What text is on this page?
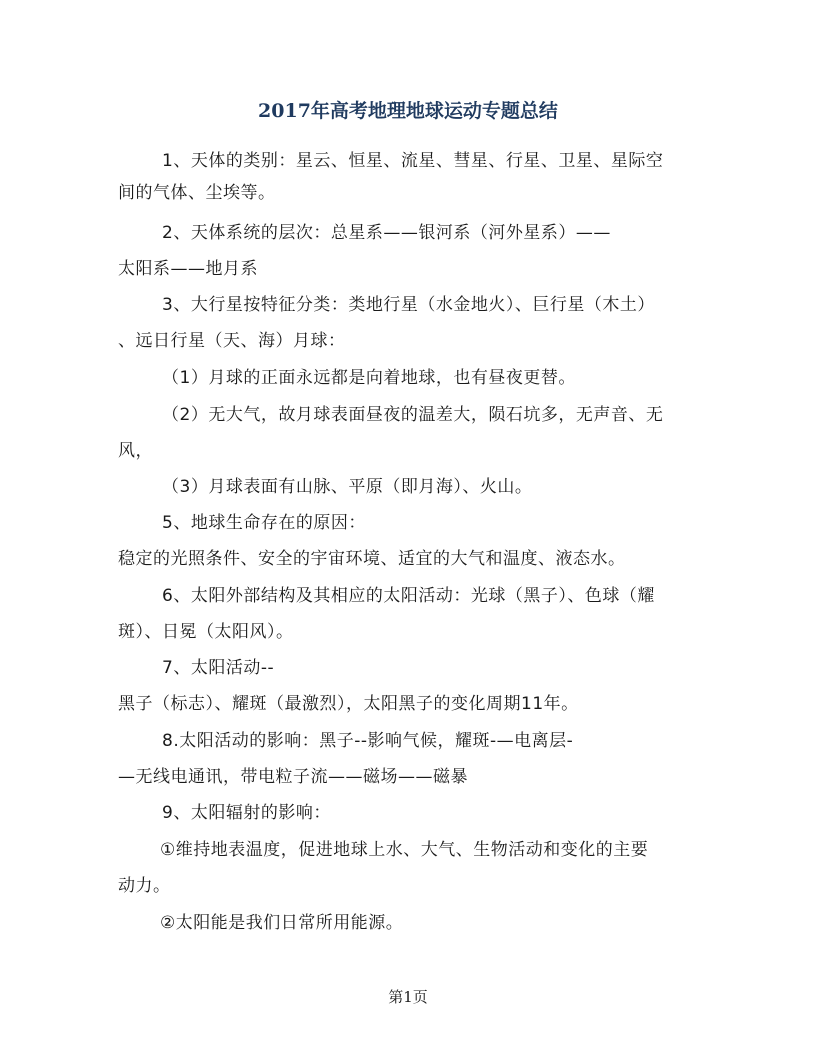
2017年高考地理地球运动专题总结
1、天体的类别：星云、恒星、流星、彗星、行星、卫星、星际空
间的气体、尘埃等。
2、天体系统的层次：总星系——银河系（河外星系）——
太阳系——地月系
3、大行星按特征分类：类地行星（水金地火）、巨行星（木土）
、远日行星（天、海）月球：
（1）月球的正面永远都是向着地球，也有昼夜更替。
（2）无大气，故月球表面昼夜的温差大，陨石坑多，无声音、无
风，
（3）月球表面有山脉、平原（即月海）、火山。
5、地球生命存在的原因：
稳定的光照条件、安全的宇宙环境、适宜的大气和温度、液态水。
6、太阳外部结构及其相应的太阳活动：光球（黑子）、色球（耀
斑）、日冕（太阳风）。
7、太阳活动--
黑子（标志）、耀斑（最激烈），太阳黑子的变化周期11年。
8.太阳活动的影响：黑子--影响气候，耀斑-—电离层-
—无线电通讯，带电粒子流——磁场——磁暴
9、太阳辐射的影响：
①维持地表温度，促进地球上水、大气、生物活动和变化的主要
动力。
②太阳能是我们日常所用能源。
第1页
